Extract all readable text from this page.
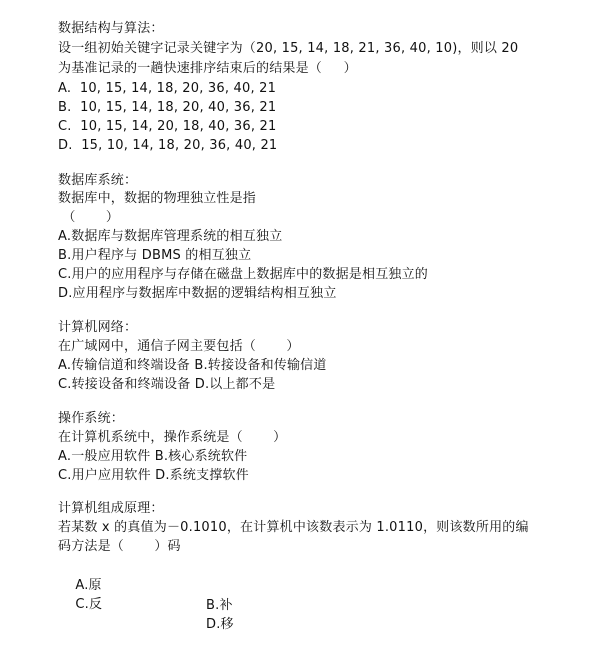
数据结构与算法：
设一组初始关键字记录关键字为（20, 15, 14, 18, 21, 36, 40, 10)，则以 20
为基准记录的一趟快速排序结束后的结果是（     ）
A.  10, 15, 14, 18, 20, 36, 40, 21
B.  10, 15, 14, 18, 20, 40, 36, 21
C.  10, 15, 14, 20, 18, 40, 36, 21
D.  15, 10, 14, 18, 20, 36, 40, 21
数据库系统：
数据库中，数据的物理独立性是指
（       ）
A.数据库与数据库管理系统的相互独立
B.用户程序与 DBMS 的相互独立
C.用户的应用程序与存储在磁盘上数据库中的数据是相互独立的
D.应用程序与数据库中数据的逻辑结构相互独立
计算机网络：
在广域网中，通信子网主要包括（       ）
A.传输信道和终端设备 B.转接设备和传输信道
C.转接设备和终端设备 D.以上都不是
操作系统：
在计算机系统中，操作系统是（       ）
A.一般应用软件 B.核心系统软件
C.用户应用软件 D.系统支撑软件
计算机组成原理：
若某数 x 的真值为－0.1010，在计算机中该数表示为 1.0110，则该数所用的编
码方法是（       ）码

A.原

B.补

C.反

D.移
